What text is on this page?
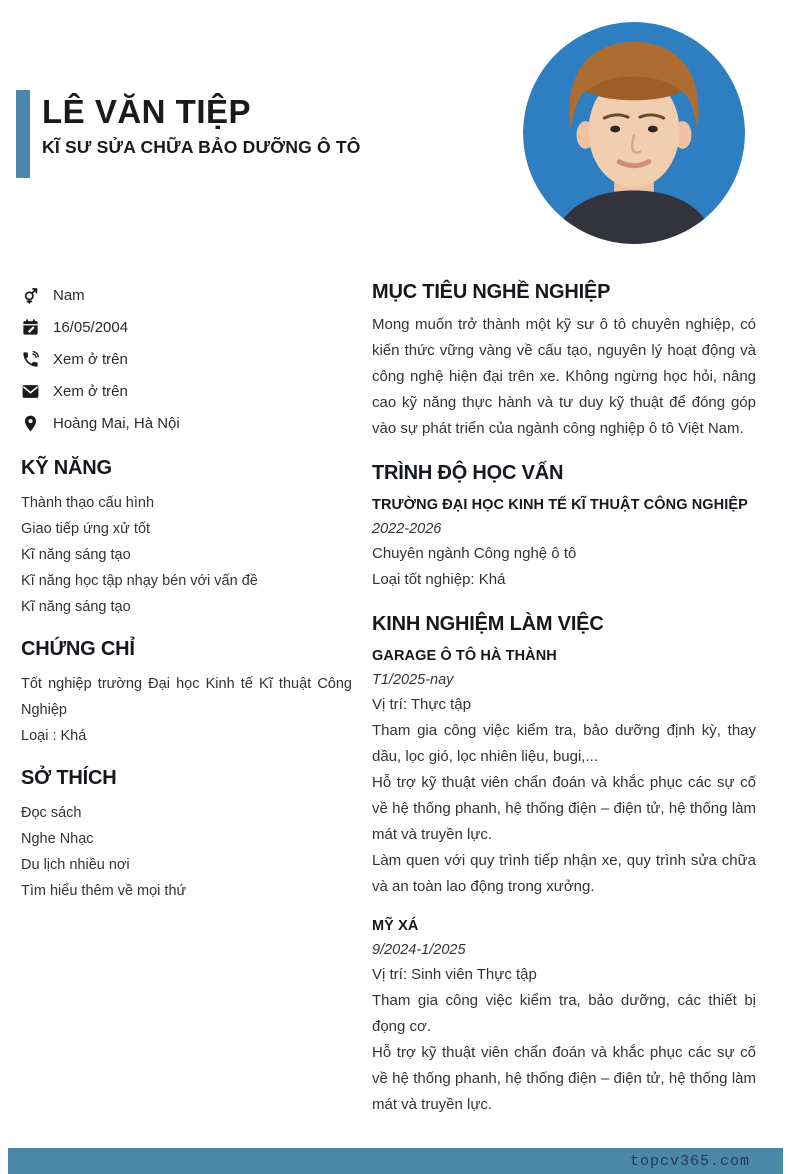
LÊ VĂN TIỆP
KĨ SƯ SỬA CHỮA BẢO DƯỠNG Ô TÔ
Nam
16/05/2004
Xem ở trên
Xem ở trên
Hoàng Mai, Hà Nội
KỸ NĂNG
Thành thạo cấu hình
Giao tiếp ứng xử tốt
Kĩ năng sáng tạo
Kĩ năng học tập nhạy bén với vấn đề
Kĩ năng sáng tạo
CHỨNG CHỈ
Tốt nghiệp trường Đại học Kinh tế Kĩ thuật Công Nghiệp
Loại : Khá
SỞ THÍCH
Đọc sách
Nghe Nhạc
Du lịch nhiều nơi
Tìm hiểu thêm về mọi thứ
MỤC TIÊU NGHỀ NGHIỆP
Mong muốn trở thành một kỹ sư ô tô chuyên nghiệp, có kiến thức vững vàng về cấu tạo, nguyên lý hoạt động và công nghệ hiện đại trên xe. Không ngừng học hỏi, nâng cao kỹ năng thực hành và tư duy kỹ thuật để đóng góp vào sự phát triển của ngành công nghiệp ô tô Việt Nam.
TRÌNH ĐỘ HỌC VẤN
TRƯỜNG ĐẠI HỌC KINH TẾ KĨ THUẬT CÔNG NGHIỆP
2022-2026
Chuyên ngành Công nghệ ô tô
Loại tốt nghiệp: Khá
KINH NGHIỆM LÀM VIỆC
GARAGE Ô TÔ HÀ THÀNH
T1/2025-nay
Vị trí: Thực tập
Tham gia công việc kiểm tra, bảo dưỡng định kỳ, thay dầu, lọc gió, lọc nhiên liệu, bugi,...
Hỗ trợ kỹ thuật viên chẩn đoán và khắc phục các sự cố về hệ thống phanh, hệ thống điện – điện tử, hệ thống làm mát và truyền lực.
Làm quen với quy trình tiếp nhận xe, quy trình sửa chữa và an toàn lao động trong xưởng.
MỸ XÁ
9/2024-1/2025
Vị trí: Sinh viên Thực tập
Tham gia công việc kiểm tra, bảo dưỡng, các thiết bị đọng cơ.
Hỗ trợ kỹ thuật viên chẩn đoán và khắc phục các sự cố về hệ thống phanh, hệ thống điện – điện tử, hệ thống làm mát và truyền lực.
topcv365.com
